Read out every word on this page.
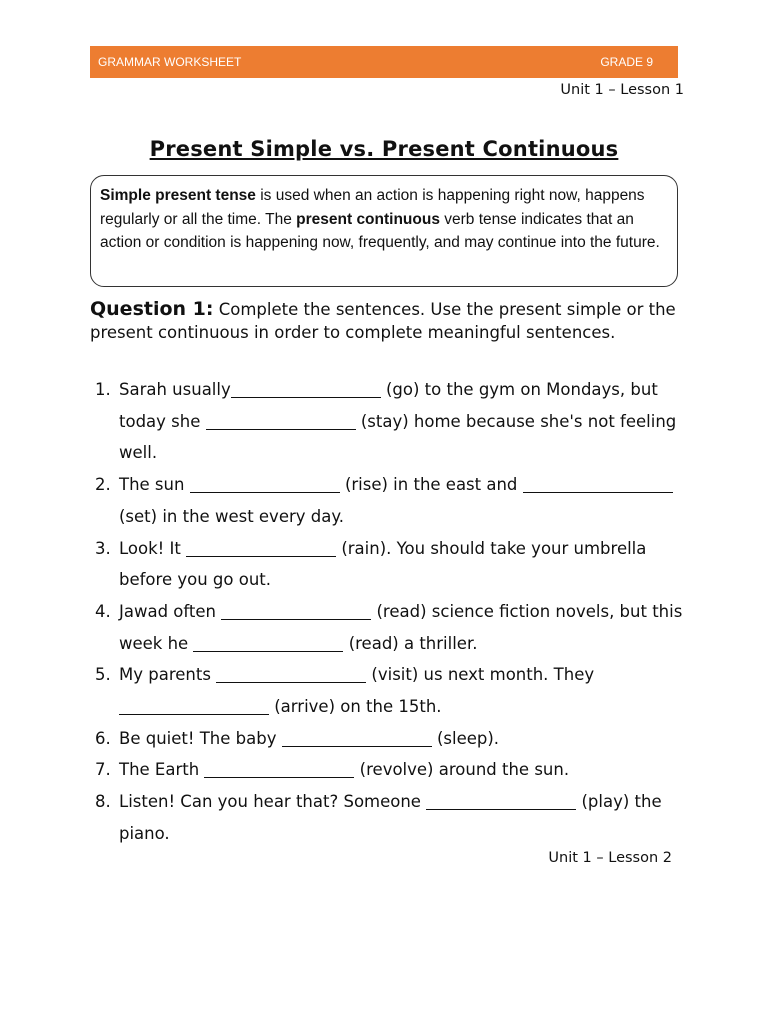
GRAMMAR WORKSHEET	GRADE 9
Unit 1 – Lesson 1
Present Simple vs. Present Continuous
Simple present tense is used when an action is happening right now, happens regularly or all the time. The present continuous verb tense indicates that an action or condition is happening now, frequently, and may continue into the future.
Question 1: Complete the sentences. Use the present simple or the present continuous in order to complete meaningful sentences.
1. Sarah usually	(go) to the gym on Mondays, but today she	(stay) home because she's not feeling well.
2. The sun	(rise) in the east and  (set) in the west every day.
3. Look! It	(rain). You should take your umbrella before you go out.
4. Jawad often	(read) science fiction novels, but this week he	(read) a thriller.
5. My parents	(visit) us next month. They  (arrive) on the 15th.
6. Be quiet! The baby	(sleep).
7. The Earth	(revolve) around the sun.
8. Listen! Can you hear that? Someone	(play) the piano.
Unit 1 – Lesson 2
